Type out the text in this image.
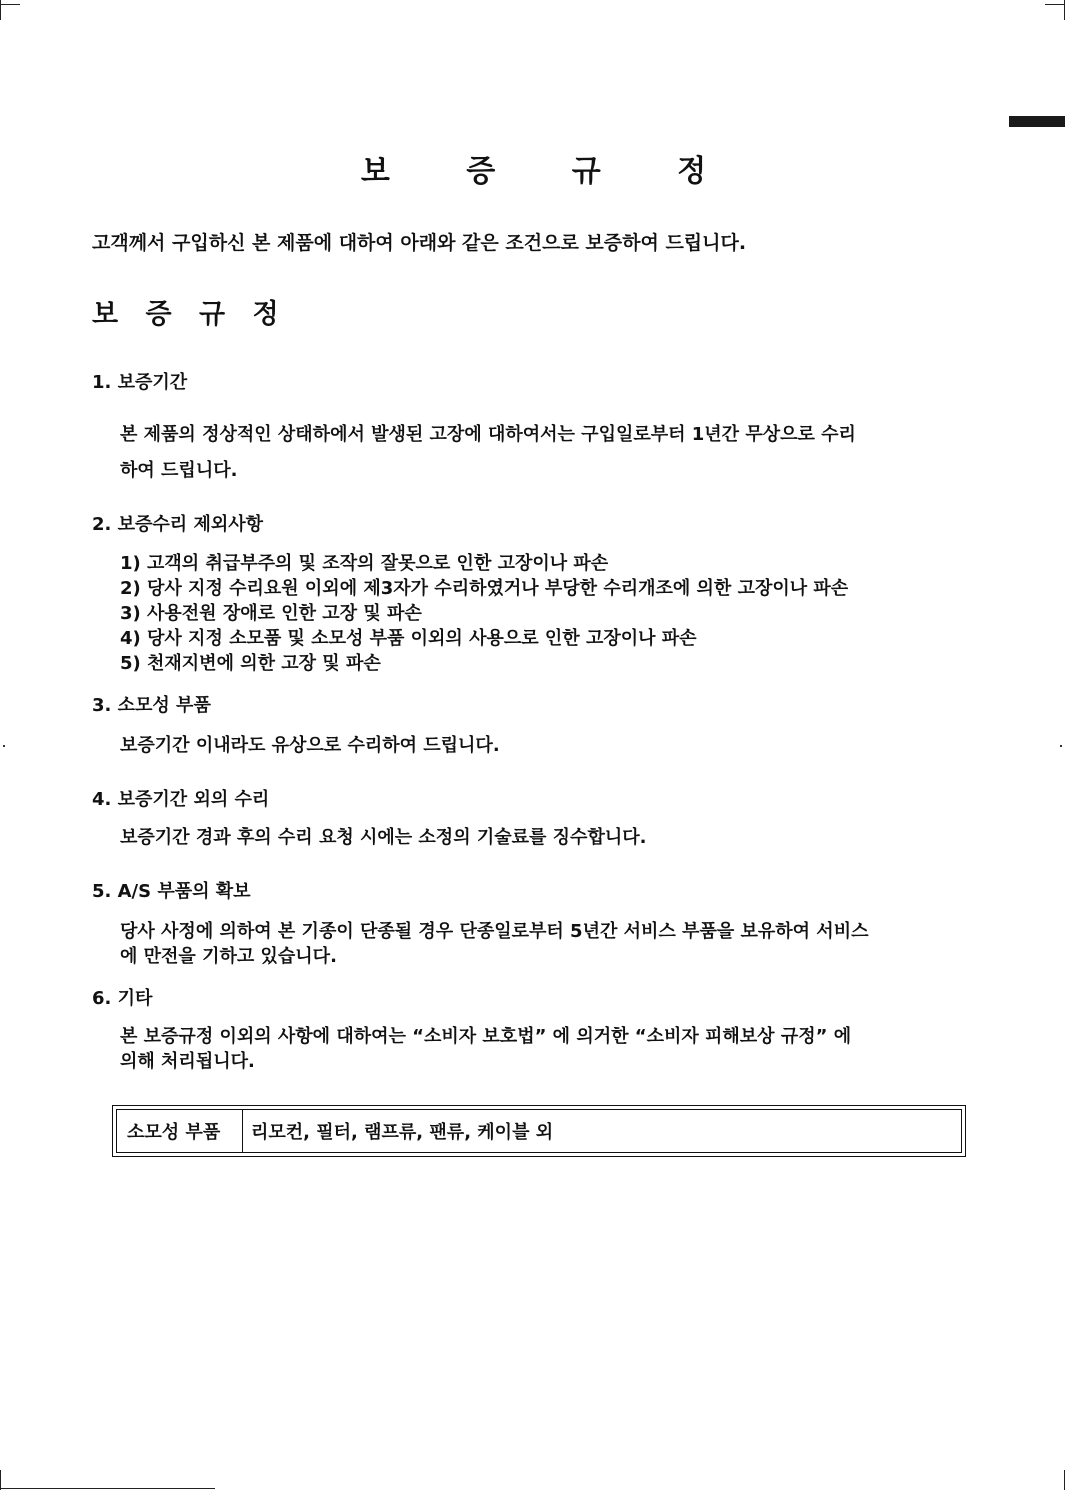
보 증 규 정
고객께서 구입하신 본 제품에 대하여 아래와 같은 조건으로 보증하여 드립니다.
보 증 규 정
1. 보증기간
본 제품의 정상적인 상태하에서 발생된 고장에 대하여서는 구입일로부터 1년간 무상으로 수리
하여 드립니다.
2. 보증수리 제외사항
1) 고객의 취급부주의 및 조작의 잘못으로 인한 고장이나 파손
2) 당사 지정 수리요원 이외에 제3자가 수리하였거나 부당한 수리개조에 의한 고장이나 파손
3) 사용전원 장애로 인한 고장 및 파손
4) 당사 지정 소모품 및 소모성 부품 이외의 사용으로 인한 고장이나 파손
5) 천재지변에 의한 고장 및 파손
3. 소모성 부품
보증기간 이내라도 유상으로 수리하여 드립니다.
4. 보증기간 외의 수리
보증기간 경과 후의 수리 요청 시에는 소정의 기술료를 징수합니다.
5. A/S 부품의 확보
당사 사정에 의하여 본 기종이 단종될 경우 단종일로부터 5년간 서비스 부품을 보유하여 서비스
에 만전을 기하고 있습니다.
6. 기타
본 보증규정 이외의 사항에 대하여는 “소비자 보호법” 에 의거한 “소비자 피해보상 규정” 에
의해 처리됩니다.
소모성 부품	리모컨, 필터, 램프류, 팬류, 케이블 외
